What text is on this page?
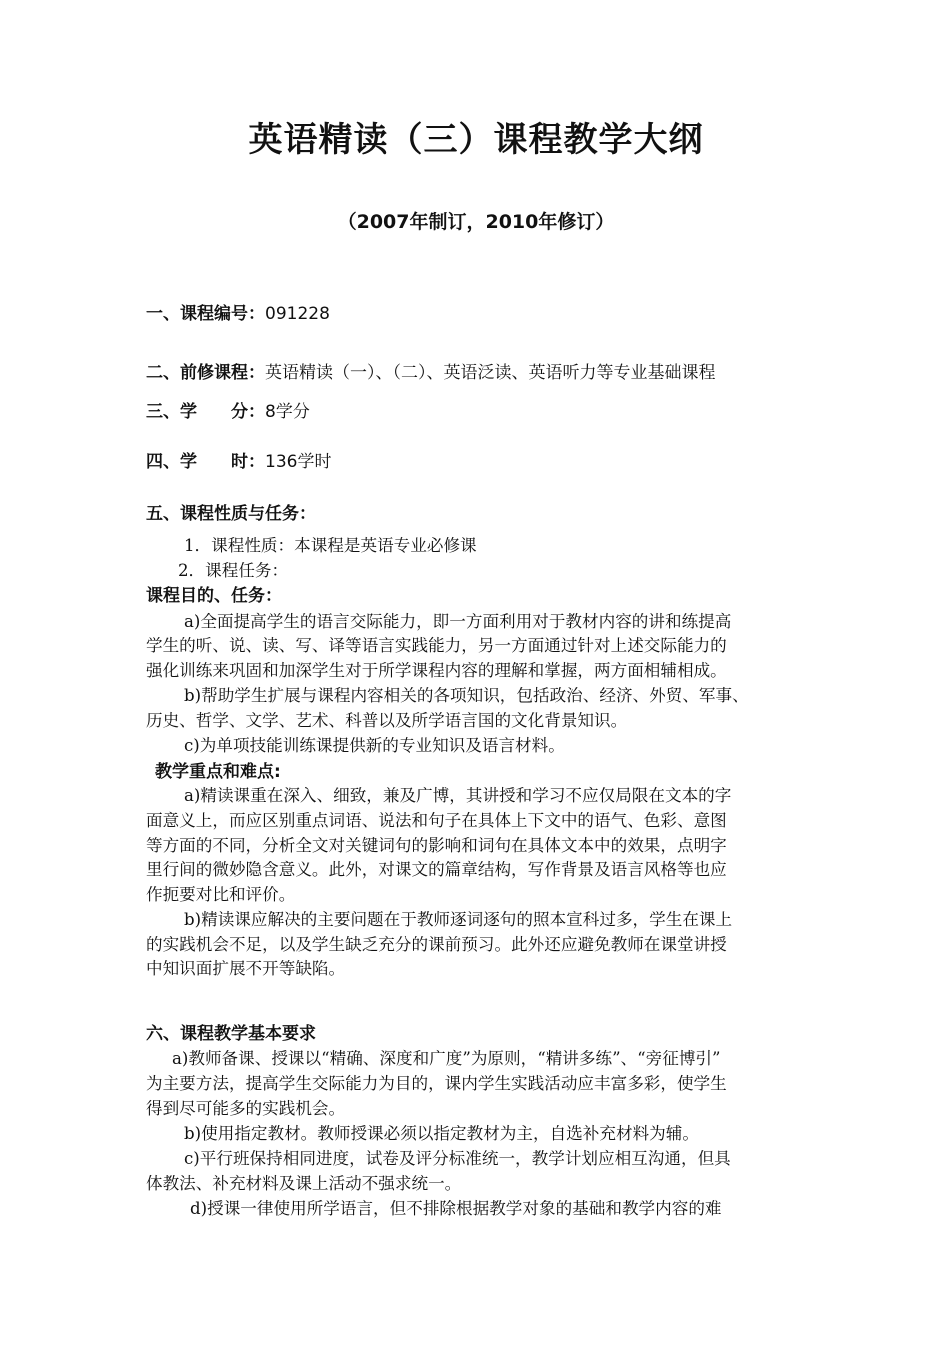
英语精读（三）课程教学大纲
（2007年制订，2010年修订）
一、课程编号：091228
二、前修课程：英语精读（一）、（二）、英语泛读、英语听力等专业基础课程
三、学　　分：8学分
四、学　　时：136学时
五、课程性质与任务：
1．课程性质：本课程是英语专业必修课
2．课程任务：
课程目的、任务：
a)全面提高学生的语言交际能力，即一方面利用对于教材内容的讲和练提高
学生的听、说、读、写、译等语言实践能力，另一方面通过针对上述交际能力的
强化训练来巩固和加深学生对于所学课程内容的理解和掌握，两方面相辅相成。
b)帮助学生扩展与课程内容相关的各项知识，包括政治、经济、外贸、军事、
历史、哲学、文学、艺术、科普以及所学语言国的文化背景知识。
c)为单项技能训练课提供新的专业知识及语言材料。
教学重点和难点:
a)精读课重在深入、细致，兼及广博，其讲授和学习不应仅局限在文本的字
面意义上，而应区别重点词语、说法和句子在具体上下文中的语气、色彩、意图
等方面的不同，分析全文对关键词句的影响和词句在具体文本中的效果，点明字
里行间的微妙隐含意义。此外，对课文的篇章结构，写作背景及语言风格等也应
作扼要对比和评价。
b)精读课应解决的主要问题在于教师逐词逐句的照本宣科过多，学生在课上
的实践机会不足，以及学生缺乏充分的课前预习。此外还应避免教师在课堂讲授
中知识面扩展不开等缺陷。
六、课程教学基本要求
a)教师备课、授课以“精确、深度和广度”为原则，“精讲多练”、“旁征博引”
为主要方法，提高学生交际能力为目的，课内学生实践活动应丰富多彩，使学生
得到尽可能多的实践机会。
b)使用指定教材。教师授课必须以指定教材为主，自选补充材料为辅。
c)平行班保持相同进度，试卷及评分标准统一，教学计划应相互沟通，但具
体教法、补充材料及课上活动不强求统一。
d)授课一律使用所学语言，但不排除根据教学对象的基础和教学内容的难
